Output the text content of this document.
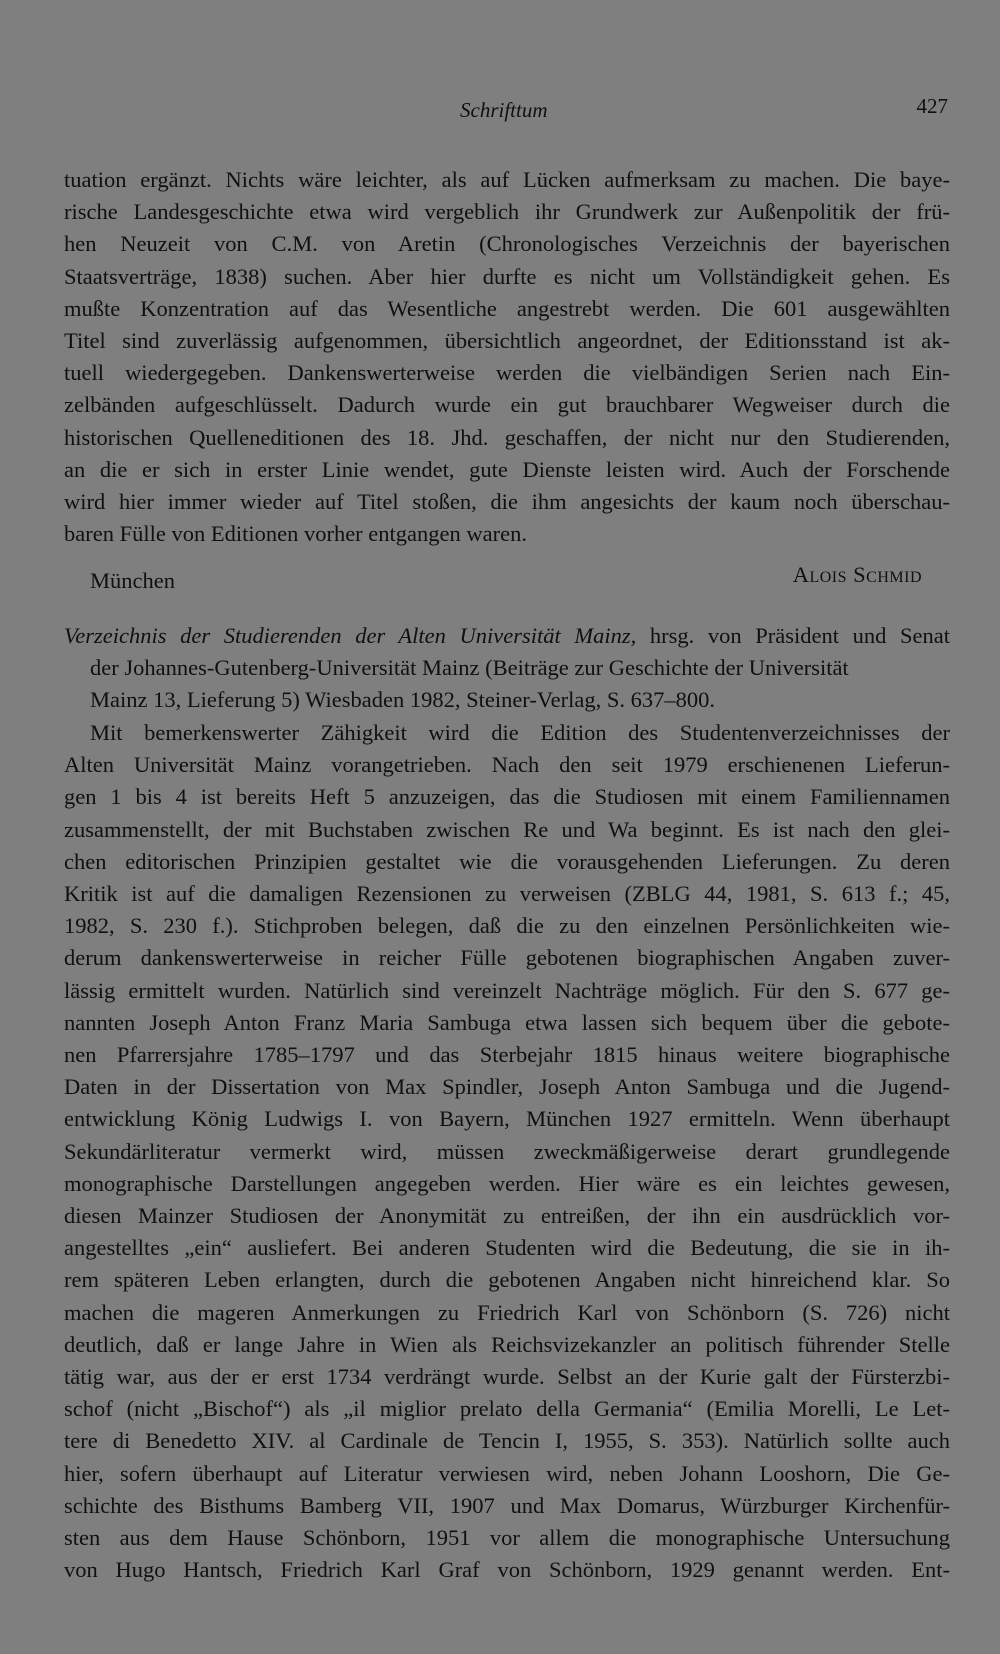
Schrifttum	427
tuation ergänzt. Nichts wäre leichter, als auf Lücken aufmerksam zu machen. Die baye-
rische Landesgeschichte etwa wird vergeblich ihr Grundwerk zur Außenpolitik der frü-
hen Neuzeit von C.M. von Aretin (Chronologisches Verzeichnis der bayerischen
Staatsverträge, 1838) suchen. Aber hier durfte es nicht um Vollständigkeit gehen. Es
mußte Konzentration auf das Wesentliche angestrebt werden. Die 601 ausgewählten
Titel sind zuverlässig aufgenommen, übersichtlich angeordnet, der Editionsstand ist ak-
tuell wiedergegeben. Dankenswerterweise werden die vielbändigen Serien nach Ein-
zelbänden aufgeschlüsselt. Dadurch wurde ein gut brauchbarer Wegweiser durch die
historischen Quelleneditionen des 18. Jhd. geschaffen, der nicht nur den Studierenden,
an die er sich in erster Linie wendet, gute Dienste leisten wird. Auch der Forschende
wird hier immer wieder auf Titel stoßen, die ihm angesichts der kaum noch überschau-
baren Fülle von Editionen vorher entgangen waren.
München	Alois Schmid
Verzeichnis der Studierenden der Alten Universität Mainz, hrsg. von Präsident und Senat
der Johannes-Gutenberg-Universität Mainz (Beiträge zur Geschichte der Universität
Mainz 13, Lieferung 5) Wiesbaden 1982, Steiner-Verlag, S. 637–800.
Mit bemerkenswerter Zähigkeit wird die Edition des Studentenverzeichnisses der
Alten Universität Mainz vorangetrieben. Nach den seit 1979 erschienenen Lieferun-
gen 1 bis 4 ist bereits Heft 5 anzuzeigen, das die Studiosen mit einem Familiennamen
zusammenstellt, der mit Buchstaben zwischen Re und Wa beginnt. Es ist nach den glei-
chen editorischen Prinzipien gestaltet wie die vorausgehenden Lieferungen. Zu deren
Kritik ist auf die damaligen Rezensionen zu verweisen (ZBLG 44, 1981, S. 613 f.; 45,
1982, S. 230 f.). Stichproben belegen, daß die zu den einzelnen Persönlichkeiten wie-
derum dankenswerterweise in reicher Fülle gebotenen biographischen Angaben zuver-
lässig ermittelt wurden. Natürlich sind vereinzelt Nachträge möglich. Für den S. 677 ge-
nannten Joseph Anton Franz Maria Sambuga etwa lassen sich bequem über die gebote-
nen Pfarrersjahre 1785–1797 und das Sterbejahr 1815 hinaus weitere biographische
Daten in der Dissertation von Max Spindler, Joseph Anton Sambuga und die Jugend-
entwicklung König Ludwigs I. von Bayern, München 1927 ermitteln. Wenn überhaupt
Sekundärliteratur vermerkt wird, müssen zweckmäßigerweise derart grundlegende
monographische Darstellungen angegeben werden. Hier wäre es ein leichtes gewesen,
diesen Mainzer Studiosen der Anonymität zu entreißen, der ihn ein ausdrücklich vor-
angestelltes „ein“ ausliefert. Bei anderen Studenten wird die Bedeutung, die sie in ih-
rem späteren Leben erlangten, durch die gebotenen Angaben nicht hinreichend klar. So
machen die mageren Anmerkungen zu Friedrich Karl von Schönborn (S. 726) nicht
deutlich, daß er lange Jahre in Wien als Reichsvizekanzler an politisch führender Stelle
tätig war, aus der er erst 1734 verdrängt wurde. Selbst an der Kurie galt der Fürsterzbi-
schof (nicht „Bischof“) als „il miglior prelato della Germania“ (Emilia Morelli, Le Let-
tere di Benedetto XIV. al Cardinale de Tencin I, 1955, S. 353). Natürlich sollte auch
hier, sofern überhaupt auf Literatur verwiesen wird, neben Johann Looshorn, Die Ge-
schichte des Bisthums Bamberg VII, 1907 und Max Domarus, Würzburger Kirchenfür-
sten aus dem Hause Schönborn, 1951 vor allem die monographische Untersuchung
von Hugo Hantsch, Friedrich Karl Graf von Schönborn, 1929 genannt werden. Ent-
